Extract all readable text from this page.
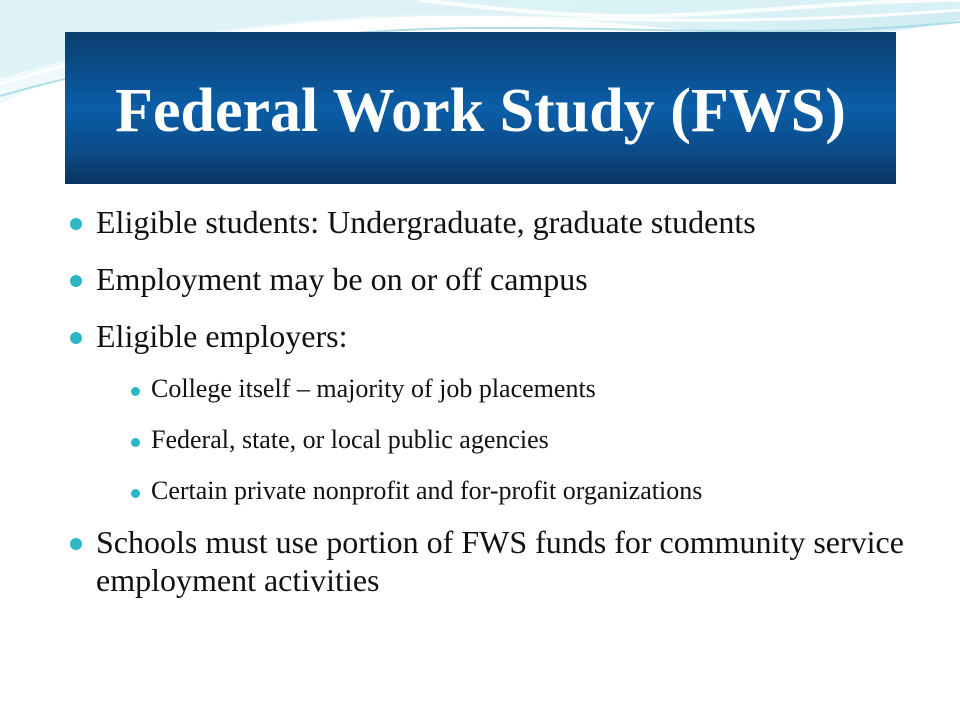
Federal Work Study (FWS)
Eligible students: Undergraduate, graduate students
Employment may be on or off campus
Eligible employers:
College itself – majority of job placements
Federal, state, or local public agencies
Certain private nonprofit and for-profit organizations
Schools must use portion of FWS funds for community service employment activities
